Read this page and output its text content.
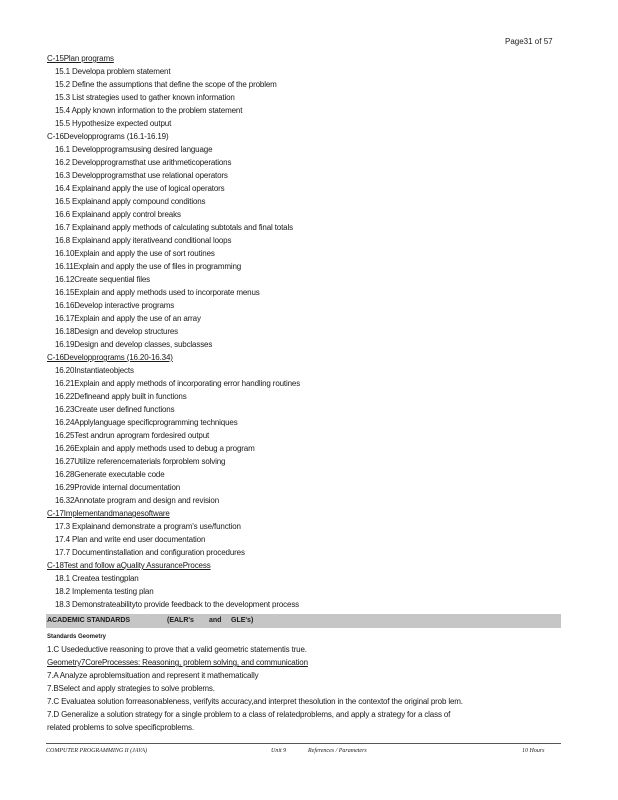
Page31 of 57
C-15Plan programs
15.1 Developa problem statement
15.2 Define the assumptions that define the scope of the problem
15.3 List strategies used to gather known information
15.4 Apply known information to the problem statement
15.5 Hypothesize expected output
C-16Developprograms (16.1-16.19)
16.1 Developprogramsusing desired language
16.2 Developprogramsthat use arithmeticoperations
16.3 Developprogramsthat use relational operators
16.4 Explainand apply the use of logical operators
16.5 Explainand apply compound conditions
16.6 Explainand apply control breaks
16.7 Explainand apply methods of calculating subtotals and final totals
16.8 Explainand apply iterativeand conditional loops
16.10Explain and apply the use of sort routines
16.11Explain and apply the use of files in programming
16.12Create sequential files
16.15Explain and apply methods used to incorporate menus
16.16Develop interactive programs
16.17Explain and apply the use of an array
16.18Design and develop structures
16.19Design and develop classes, subclasses
C-16Developprograms (16.20-16.34)
16.20Instantiateobjects
16.21Explain and apply methods of incorporating error handling routines
16.22Defineand apply built in functions
16.23Create user defined functions
16.24Applylanguage specificprogramming techniques
16.25Test andrun aprogram fordesired output
16.26Explain and apply methods used to debug a program
16.27Utilize referencematerials forproblem solving
16.28Generate executable code
16.29Provide internal documentation
16.32Annotate program and design and revision
C-17Implementandmanagesoftware
17.3 Explainand demonstrate a program's use/function
17.4 Plan and write end user documentation
17.7 Documentinstallation and configuration procedures
C-18Test and follow aQuality AssuranceProcess
18.1 Createa testingplan
18.2 Implementa testing plan
18.3 Demonstrateabilityto provide feedback to the development process
ACADEMIC STANDARDS	(EALR's and GLE's)
Standards Geometry
1.C Usedeductive reasoning to prove that a valid geometric statementis true.
Geometry7CoreProcesses: Reasoning, problem solving, and communication
7.A Analyze aproblemsituation and represent it mathematically
7.BSelect and apply strategies to solve problems.
7.C Evaluatea solution forreasonableness, verifyits accuracy,and interpret thesolution in the contextof the original prob lem.
7.D Generalize a solution strategy for a single problem to a class of relatedproblems, and apply a strategy for a class of
related problems to solve specificproblems.
COMPUTER PROGRAMMING II (JAVA)	Unit 9	References / Parameters	10 Hours
